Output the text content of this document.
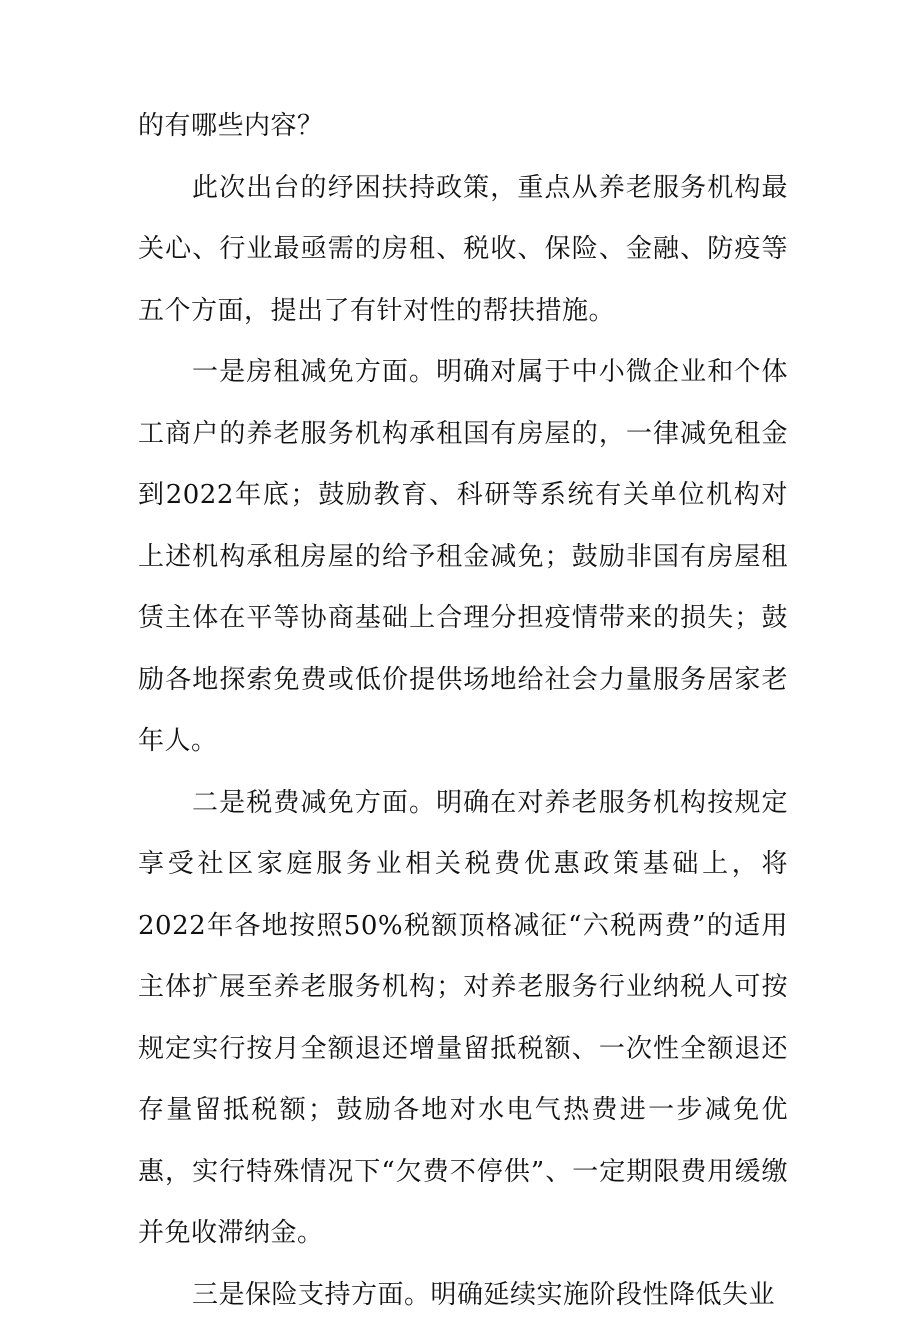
的有哪些内容？

此次出台的纾困扶持政策，重点从养老服务机构最关心、行业最亟需的房租、税收、保险、金融、防疫等五个方面，提出了有针对性的帮扶措施。

一是房租减免方面。明确对属于中小微企业和个体工商户的养老服务机构承租国有房屋的，一律减免租金到2022年底；鼓励教育、科研等系统有关单位机构对上述机构承租房屋的给予租金减免；鼓励非国有房屋租赁主体在平等协商基础上合理分担疫情带来的损失；鼓励各地探索免费或低价提供场地给社会力量服务居家老年人。

二是税费减免方面。明确在对养老服务机构按规定享受社区家庭服务业相关税费优惠政策基础上，将2022年各地按照50%税额顶格减征“六税两费”的适用主体扩展至养老服务机构；对养老服务行业纳税人可按规定实行按月全额退还增量留抵税额、一次性全额退还存量留抵税额；鼓励各地对水电气热费进一步减免优惠，实行特殊情况下“欠费不停供”、一定期限费用缓缴并免收滞纳金。

三是保险支持方面。明确延续实施阶段性降低失业
